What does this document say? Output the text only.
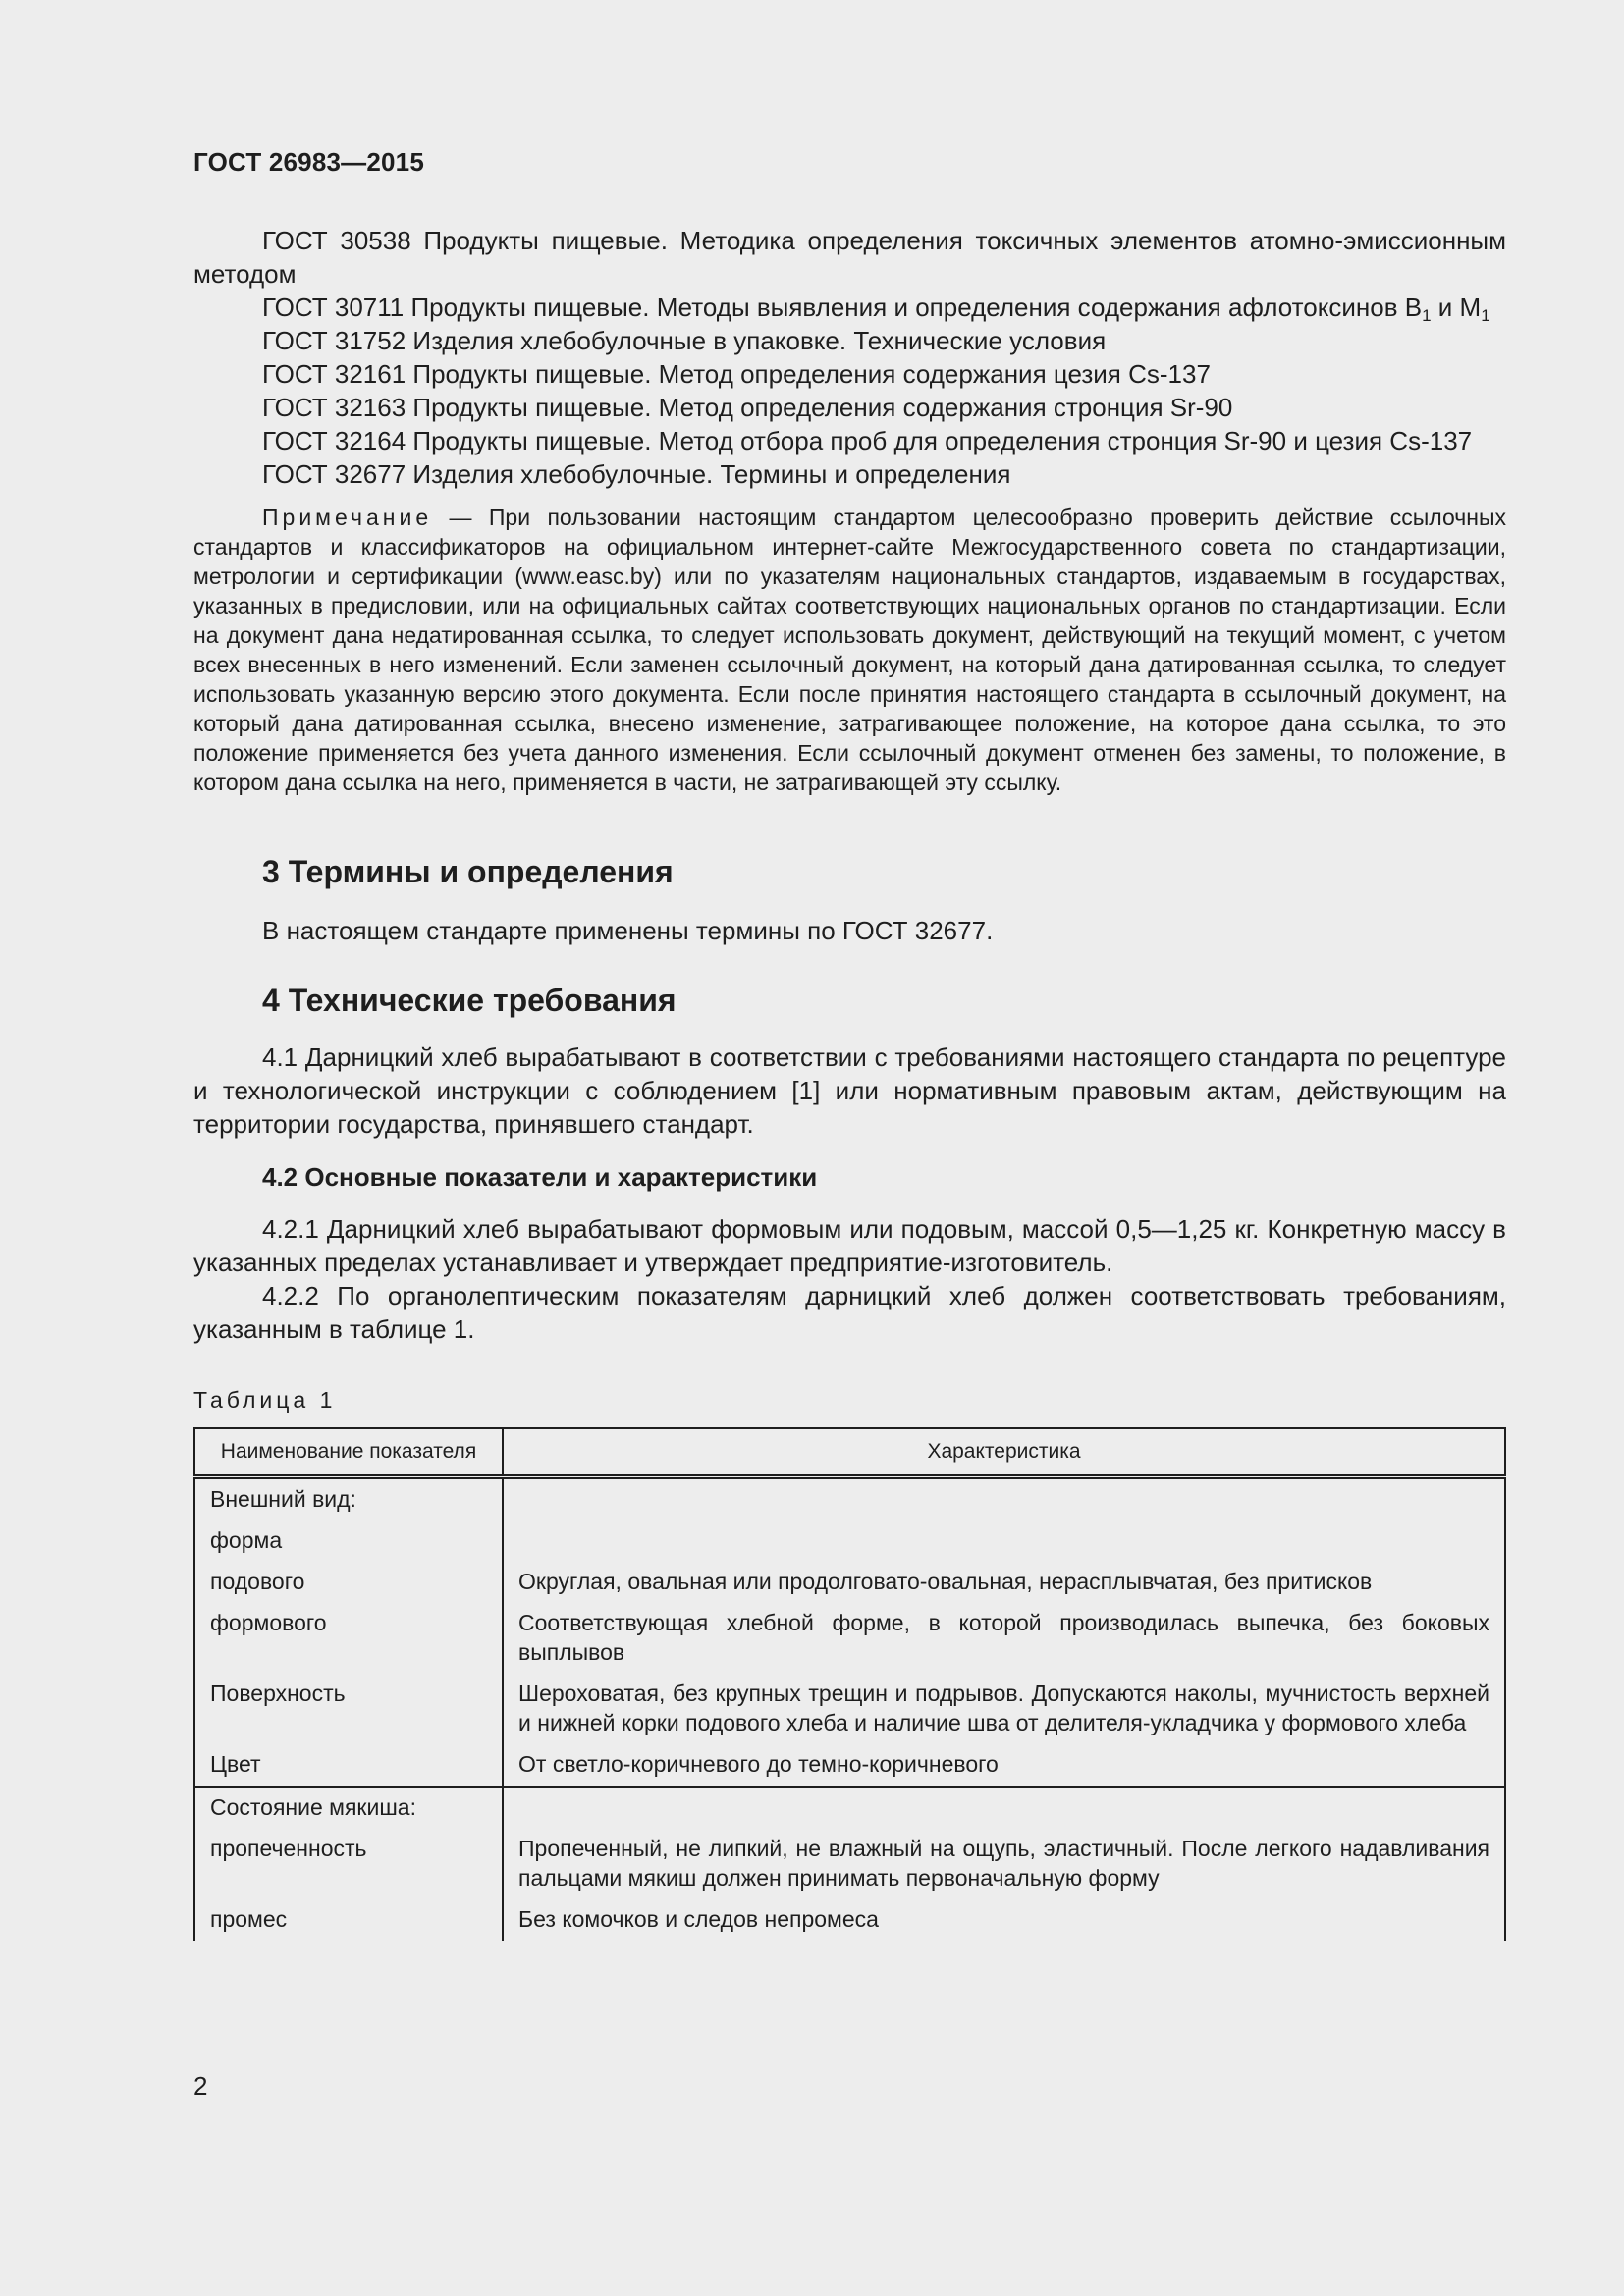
ГОСТ 26983—2015

ГОСТ 30538 Продукты пищевые. Методика определения токсичных элементов атомно-эмиссионным методом

ГОСТ 30711 Продукты пищевые. Методы выявления и определения содержания афлотоксинов $B_1$ и $M_1$

ГОСТ 31752 Изделия хлебобулочные в упаковке. Технические условия

ГОСТ 32161 Продукты пищевые. Метод определения содержания цезия Cs-137

ГОСТ 32163 Продукты пищевые. Метод определения содержания стронция Sr-90

ГОСТ 32164 Продукты пищевые. Метод отбора проб для определения стронция Sr-90 и цезия Cs-137

ГОСТ 32677 Изделия хлебобулочные. Термины и определения

Примечание — При пользовании настоящим стандартом целесообразно проверить действие ссылочных стандартов и классификаторов на официальном интернет-сайте Межгосударственного совета по стандартизации, метрологии и сертификации (www.easc.by) или по указателям национальных стандартов, издаваемым в государствах, указанных в предисловии, или на официальных сайтах соответствующих национальных органов по стандартизации. Если на документ дана недатированная ссылка, то следует использовать документ, действующий на текущий момент, с учетом всех внесенных в него изменений. Если заменен ссылочный документ, на который дана датированная ссылка, то следует использовать указанную версию этого документа. Если после принятия настоящего стандарта в ссылочный документ, на который дана датированная ссылка, внесено изменение, затрагивающее положение, на которое дана ссылка, то это положение применяется без учета данного изменения. Если ссылочный документ отменен без замены, то положение, в котором дана ссылка на него, применяется в части, не затрагивающей эту ссылку.
3 Термины и определения

В настоящем стандарте применены термины по ГОСТ 32677.

4 Технические требования

4.1 Дарницкий хлеб вырабатывают в соответствии с требованиями настоящего стандарта по рецептуре и технологической инструкции с соблюдением [1] или нормативным правовым актам, действующим на территории государства, принявшего стандарт.

4.2 Основные показатели и характеристики

4.2.1 Дарницкий хлеб вырабатывают формовым или подовым, массой 0,5—1,25 кг. Конкретную массу в указанных пределах устанавливает и утверждает предприятие-изготовитель.

4.2.2 По органолептическим показателям дарницкий хлеб должен соответствовать требованиям, указанным в таблице 1.

Таблица 1
Наименование показателя	Характеристика
Внешний вид:	
форма	
подового	Округлая, овальная или продолговато-овальная, нерасплывчатая, без притисков
формового	Соответствующая хлебной форме, в которой производилась выпечка, без боковых выплывов
Поверхность	Шероховатая, без крупных трещин и подрывов. Допускаются наколы, мучнистость верхней и нижней корки подового хлеба и наличие шва от делителя-укладчика у формового хлеба
Цвет	От светло-коричневого до темно-коричневого
Состояние мякиша:	
пропеченность	Пропеченный, не липкий, не влажный на ощупь, эластичный. После легкого надавливания пальцами мякиш должен принимать первоначальную форму
промес	Без комочков и следов непромеса
2
